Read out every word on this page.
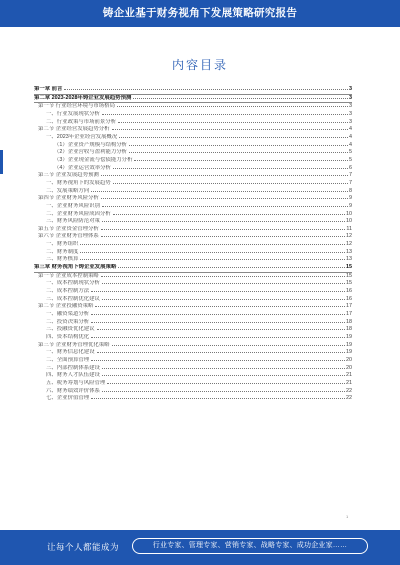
铸企业基于财务视角下发展策略研究报告
内容目录
第一章 前言	3
第二章 2023-2028年铸企业发展趋势预测	3
第一节 行业经营环境与市场格局	3
一、行业发展现状分析	3
二、行业政策与市场前景分析	3
第二节 企业经营发展趋势分析	4
一、2023年企业经营发展概况	4
（1）企业资产规模与结构分析	4
（2）企业营收与盈利能力分析	5
（3）企业现金流与偿债能力分析	5
（4）企业运营效率分析	6
第三节 企业发展趋势预测	7
一、财务视角下的发展趋势	7
二、发展策略方向	8
第四节 企业财务风险分析	9
一、企业财务风险识别	9
二、企业财务风险成因分析	10
三、财务风险防范对策	10
第五节 企业资金管理分析	11
第六节 企业财务管理体系	12
一、财务组织	12
二、财务制度	13
三、财务核算	13
第三章 财务视角下铸企业发展策略	15
第一节 企业成本控制策略	15
一、成本控制现状分析	15
二、成本控制方法	16
三、成本控制优化建议	16
第二节 企业投融资策略	17
一、融资渠道分析	17
二、投资决策分析	18
三、投融资优化建议	18
四、资本结构优化	19
第三节 企业财务管理优化策略	19
一、财务信息化建设	19
二、全面预算管理	20
三、内部控制体系建设	20
四、财务人才队伍建设	21
五、税务筹划与风险管理	21
六、财务绩效评价体系	22
七、企业价值管理	22
1
让每个人都能成为	行业专家、管理专家、营销专家、战略专家、成功企业家……
